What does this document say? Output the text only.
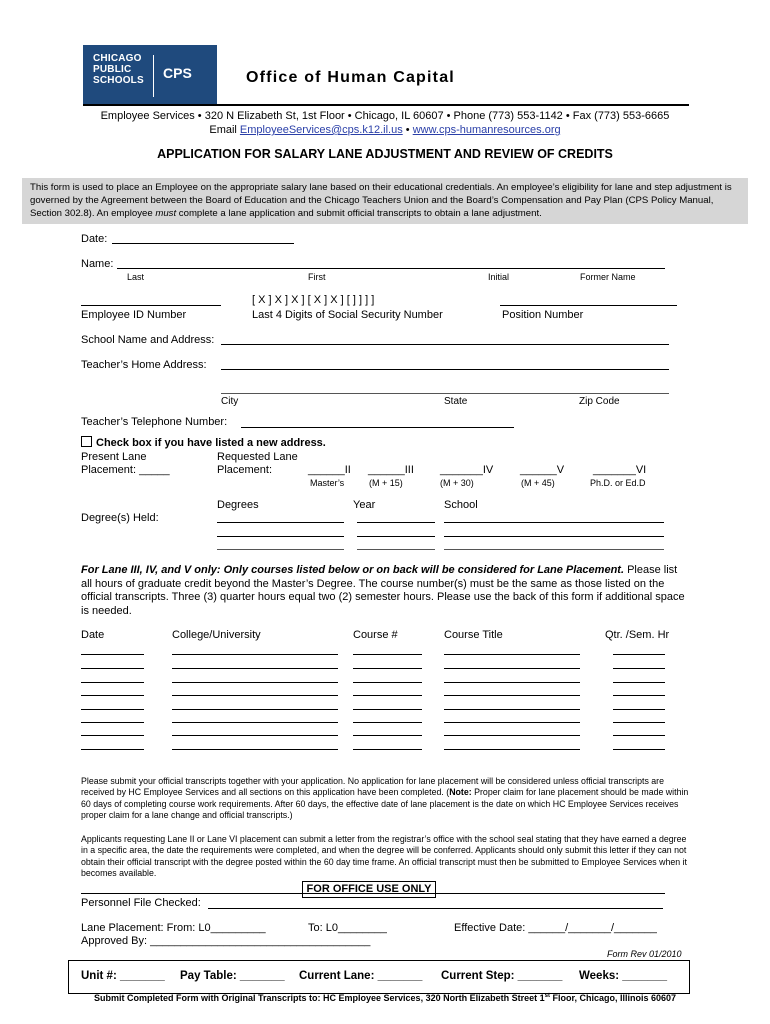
CHICAGO
PUBLIC
SCHOOLS CPS	Office of Human Capital
Employee Services • 320 N Elizabeth St, 1st Floor • Chicago, IL 60607 • Phone (773) 553-1142 • Fax (773) 553-6665
Email EmployeeServices@cps.k12.il.us • www.cps-humanresources.org
APPLICATION FOR SALARY LANE ADJUSTMENT AND REVIEW OF CREDITS
This form is used to place an Employee on the appropriate salary lane based on their educational credentials. An employee’s eligibility for lane and step adjustment is governed by the Agreement between the Board of Education and the Chicago Teachers Union and the Board’s Compensation and Pay Plan (CPS Policy Manual, Section 302.8). An employee must complete a lane application and submit official transcripts to obtain a lane adjustment.
Date:
Name:
Last	First	Initial	Former Name
[ X ] X ] X ] [ X ] X ] [ ] ] ] ]
Employee ID Number	Last 4 Digits of Social Security Number	Position Number
School Name and Address:
Teacher’s Home Address:
City	State	Zip Code
Teacher’s Telephone Number:
Check box if you have listed a new address.
Present Lane
Placement: _____
Requested Lane
Placement:	______II ______III _______IV ______V	_______VI
Master’s	(M + 15)	(M + 30)	(M + 45)	Ph.D. or Ed.D
Degrees	Year	School
Degree(s) Held:
For Lane III, IV, and V only: Only courses listed below or on back will be considered for Lane Placement. Please list all hours of graduate credit beyond the Master’s Degree. The course number(s) must be the same as those listed on the official transcripts. Three (3) quarter hours equal two (2) semester hours. Please use the back of this form if additional space is needed.
Date	College/University	Course #	Course Title	Qtr. /Sem. Hr
Please submit your official transcripts together with your application. No application for lane placement will be considered unless official transcripts are received by HC Employee Services and all sections on this application have been completed. (Note: Proper claim for lane placement should be made within 60 days of completing course work requirements. After 60 days, the effective date of lane placement is the date on which HC Employee Services receives proper claim for a lane change and official transcripts.)
Applicants requesting Lane II or Lane VI placement can submit a letter from the registrar’s office with the school seal stating that they have earned a degree in a specific area, the date the requirements were completed, and when the degree will be conferred. Applicants should only submit this letter if they can not obtain their official transcript with the degree posted within the 60 day time frame. An official transcript must then be submitted to Employee Services when it becomes available.
FOR OFFICE USE ONLY
Personnel File Checked:
Lane Placement: From: L0_________	To: L0________	Effective Date: ______/_______/_______
Approved By: ____________________________________
Form Rev 01/2010
Unit #: _______ Pay Table: _______ Current Lane: _______ Current Step: _______ Weeks: _______
Submit Completed Form with Original Transcripts to: HC Employee Services, 320 North Elizabeth Street 1st Floor, Chicago, Illinois 60607
